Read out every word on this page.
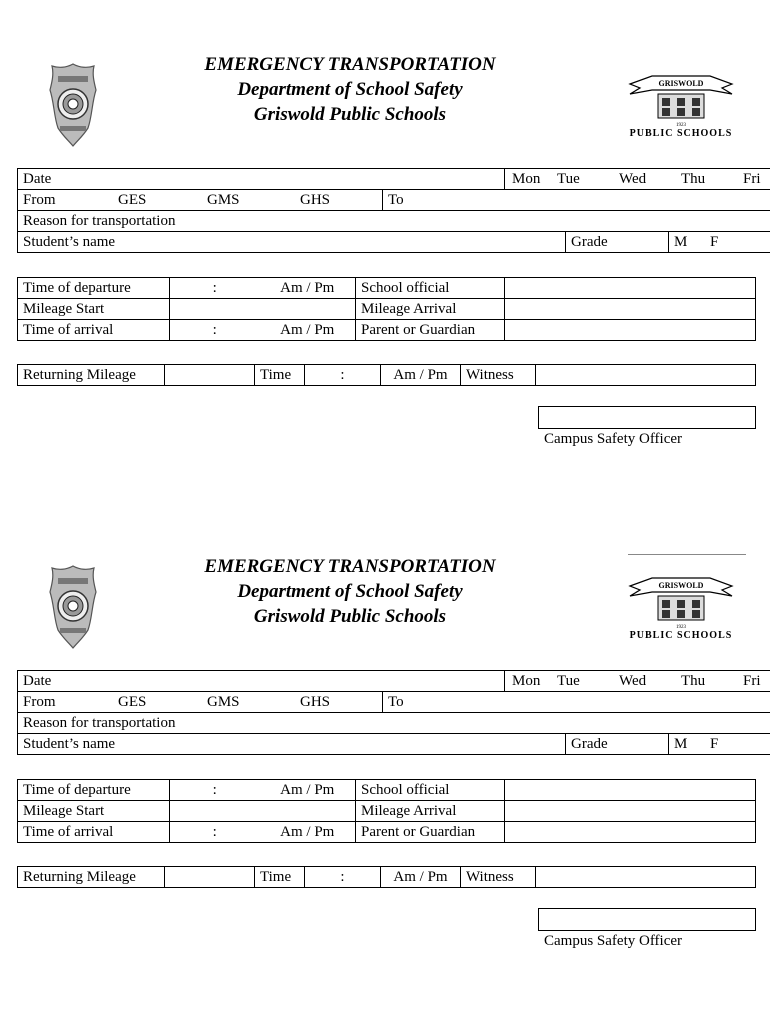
EMERGENCY TRANSPORTATION
Department of School Safety
Griswold Public Schools
GRISWOLD
1923
PUBLIC SCHOOLS
Date		Mon Tue Wed Thu Fri		
From GES GMS GHS	To			
Reason for transportation				
Student’s name			Grade	M F
Time of departure	:	Am / Pm	School official	
Mileage Start			Mileage Arrival	
Time of arrival	:	Am / Pm	Parent or Guardian	
Returning Mileage		Time	:	Am / Pm	Witness	
Campus Safety Officer
EMERGENCY TRANSPORTATION
Department of School Safety
Griswold Public Schools
GRISWOLD
1923
PUBLIC SCHOOLS
Date		Mon Tue Wed Thu Fri		
From GES GMS GHS	To			
Reason for transportation				
Student’s name			Grade	M F
Time of departure	:	Am / Pm	School official	
Mileage Start			Mileage Arrival	
Time of arrival	:	Am / Pm	Parent or Guardian	
Returning Mileage		Time	:	Am / Pm	Witness	
Campus Safety Officer
